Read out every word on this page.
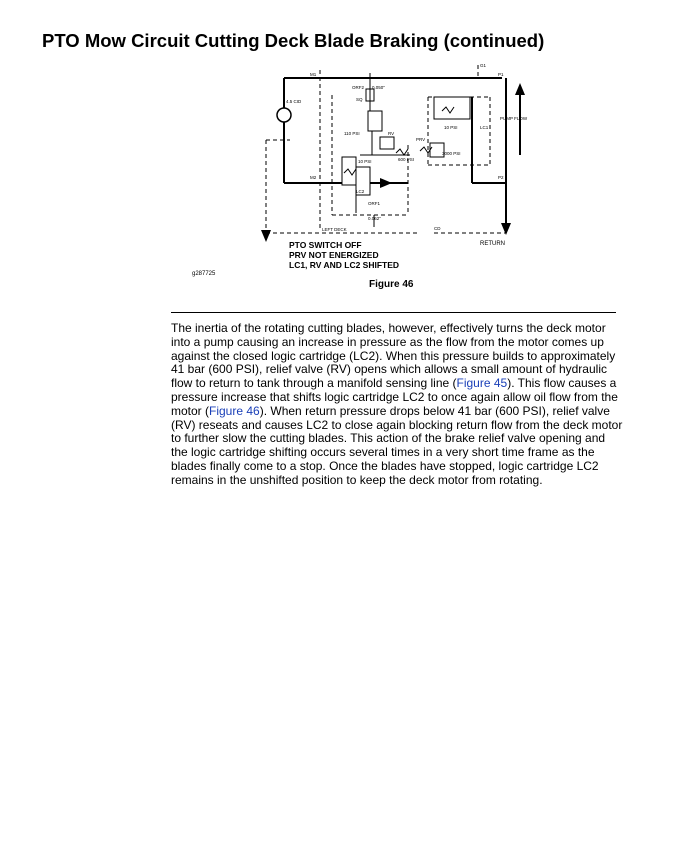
PTO Mow Circuit Cutting Deck Blade Braking (continued)
M1
M2
P1
P2
G1
4.5 CID
ORF2 0.050"
SQ
110 PSI	RV
10 PSI
10 PSI
600 PSI
LC2
ORF1
0.062"
LEFT DECK
PRV
3000 PSI
LC1
PUMP FLOW
CD
RETURN
PTO SWITCH OFF
PRV NOT ENERGIZED
LC1, RV AND LC2 SHIFTED
g287725
Figure 46

The inertia of the rotating cutting blades, however, effectively turns the deck motor into a pump causing an increase in pressure as the flow from the motor comes up against the closed logic cartridge (LC2). When this pressure builds to approximately 41 bar (600 PSI), relief valve (RV) opens which allows a small amount of hydraulic flow to return to tank through a manifold sensing line (Figure 45). This flow causes a pressure increase that shifts logic cartridge LC2 to once again allow oil flow from the motor (Figure 46). When return pressure drops below 41 bar (600 PSI), relief valve (RV) reseats and causes LC2 to close again blocking return flow from the deck motor to further slow the cutting blades. This action of the brake relief valve opening and the logic cartridge shifting occurs several times in a very short time frame as the blades finally come to a stop. Once the blades have stopped, logic cartridge LC2 remains in the unshifted position to keep the deck motor from rotating.
